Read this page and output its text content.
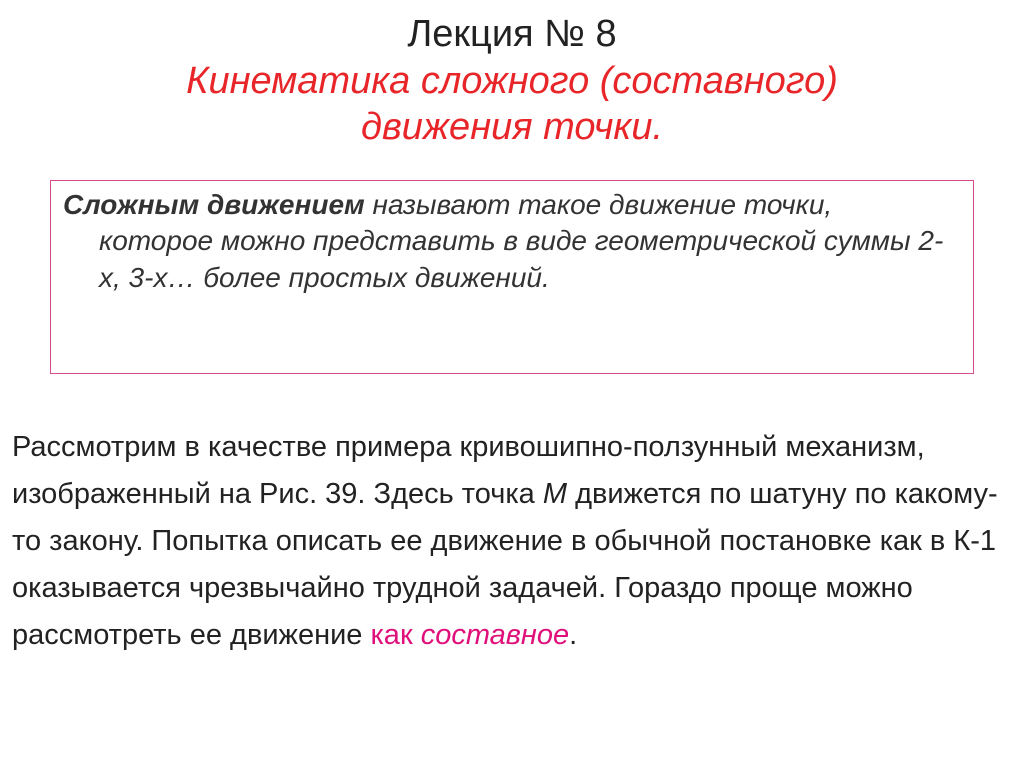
Лекция № 8
Кинематика сложного (составного)
движения точки.

Сложным движением называют такое движение точки, которое можно представить в виде геометрической суммы 2-х, 3-х… более простых движений.

Рассмотрим в качестве примера кривошипно-ползунный механизм, изображенный на Рис. 39. Здесь точка М движется по шатуну по какому-то закону. Попытка описать ее движение в обычной постановке как в К-1 оказывается чрезвычайно трудной задачей. Гораздо проще можно рассмотреть ее движение как составное.
